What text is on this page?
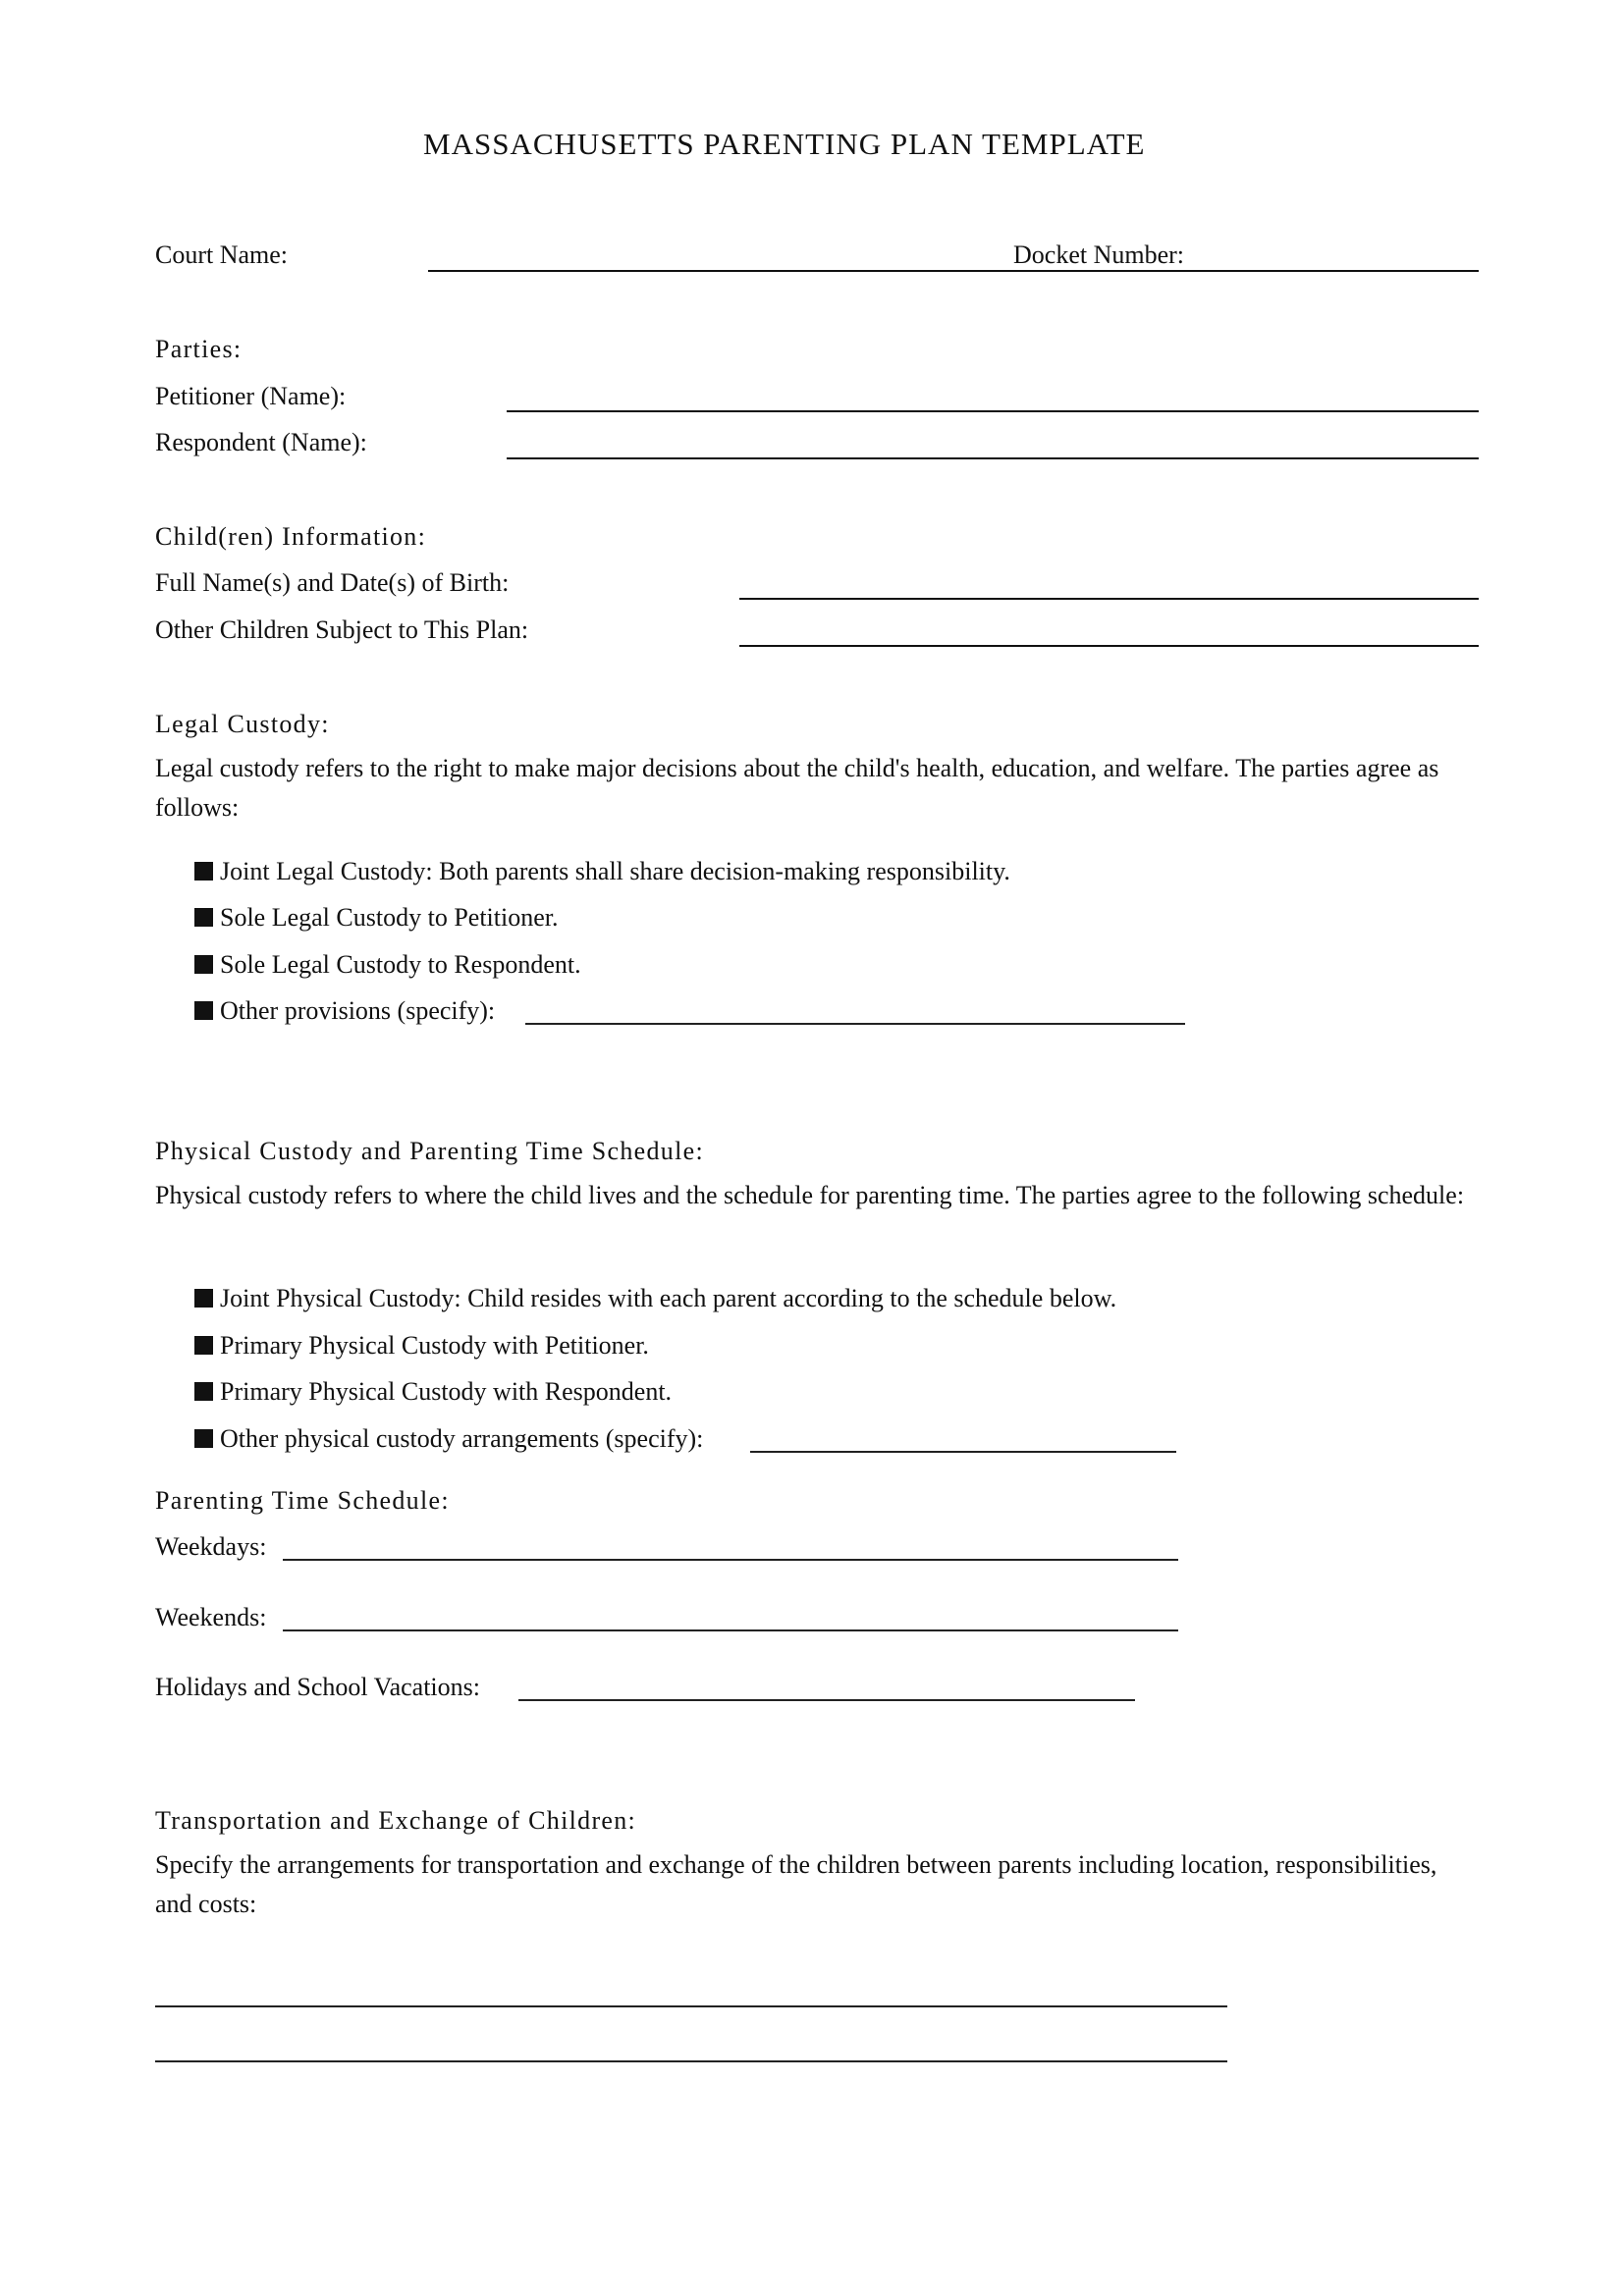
MASSACHUSETTS PARENTING PLAN TEMPLATE
Court Name:	Docket Number:
Parties:
Petitioner (Name):
Respondent (Name):
Child(ren) Information:
Full Name(s) and Date(s) of Birth:
Other Children Subject to This Plan:
Legal Custody:
Legal custody refers to the right to make major decisions about the child's health, education, and welfare. The parties agree as follows:
Joint Legal Custody: Both parents shall share decision-making responsibility.
Sole Legal Custody to Petitioner.
Sole Legal Custody to Respondent.
Other provisions (specify):
Physical Custody and Parenting Time Schedule:
Physical custody refers to where the child lives and the schedule for parenting time. The parties agree to the following schedule:
Joint Physical Custody: Child resides with each parent according to the schedule below.
Primary Physical Custody with Petitioner.
Primary Physical Custody with Respondent.
Other physical custody arrangements (specify):
Parenting Time Schedule:
Weekdays:
Weekends:
Holidays and School Vacations:
Transportation and Exchange of Children:
Specify the arrangements for transportation and exchange of the children between parents including location, responsibilities, and costs:
